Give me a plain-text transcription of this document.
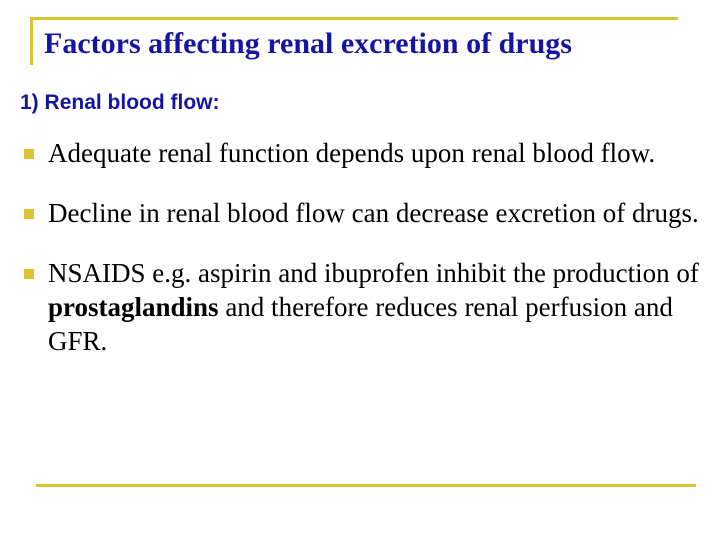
Factors affecting renal excretion of drugs
1) Renal blood flow:
Adequate renal function depends upon renal blood flow.
Decline in renal blood flow can decrease excretion of drugs.
NSAIDS e.g. aspirin and ibuprofen inhibit the production of prostaglandins and therefore reduces renal perfusion and GFR.
